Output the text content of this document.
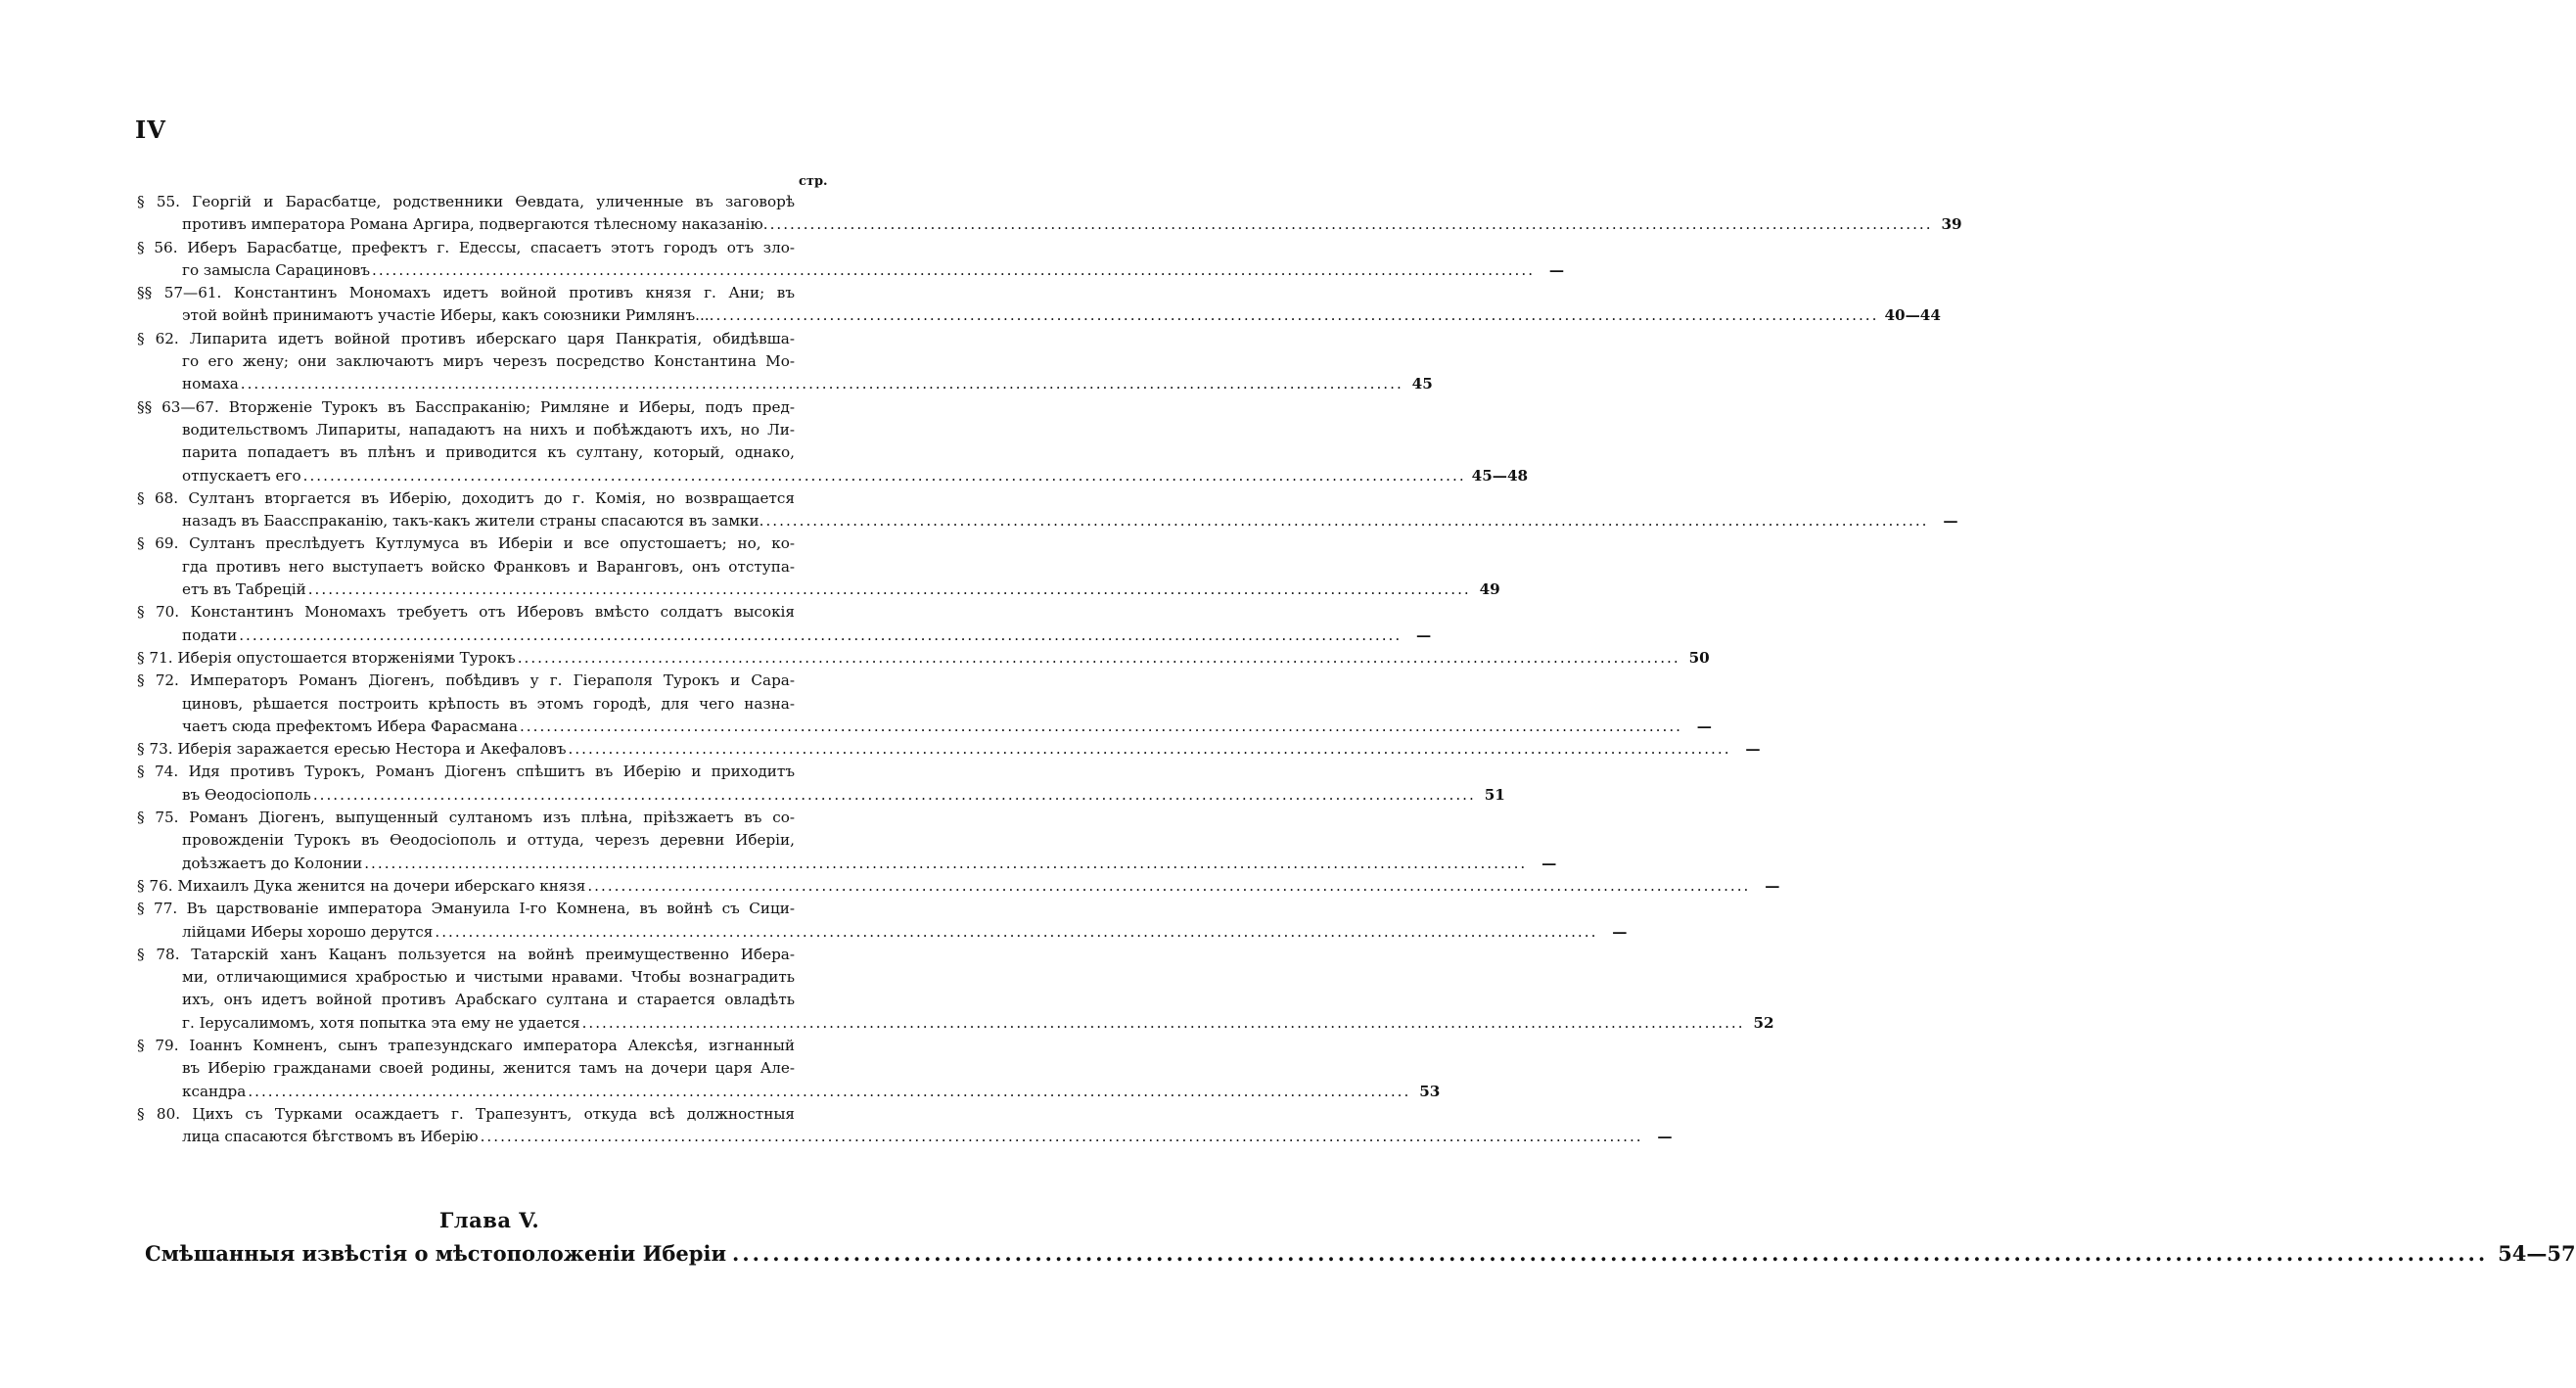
IV
стр.
§ 55. Георгій и Барасбатце, родственники Ѳевдата, уличенные въ заговорѣ
противъ императора Романа Аргира, подвергаются тѣлесному наказанію. .....	39
§ 56. Иберъ Барасбатце, префектъ г. Едессы, спасаетъ этотъ городъ отъ зло-
го замысла Сарациновъ .....	—
§§ 57—61. Константинъ Мономахъ идетъ войной противъ князя г. Ани; въ
этой войнѣ принимаютъ участіе Иберы, какъ союзники Римлянъ.... .....	40—44
§ 62. Липарита идетъ войной противъ иберскаго царя Панкратія, обидѣвша-
го его жену; они заключаютъ миръ черезъ посредство Константина Мо-
номаха .....	45
§§ 63—67. Вторженіе Турокъ въ Басспраканію; Римляне и Иберы, подъ пред-
водительствомъ Липариты, нападаютъ на нихъ и побѣждаютъ ихъ, но Ли-
парита попадаетъ въ плѣнъ и приводится къ султану, который, однако,
отпускаетъ его .....	45—48
§ 68. Султанъ вторгается въ Иберію, доходитъ до г. Комія, но возвращается
назадъ въ Баасспраканію, такъ-какъ жители страны спасаются въ замки. .....	—
§ 69. Султанъ преслѣдуетъ Кутлумуса въ Иберіи и все опустошаетъ; но, ко-
гда противъ него выступаетъ войско Франковъ и Варанговъ, онъ отступа-
етъ въ Табрецій .....	49
§ 70. Константинъ Мономахъ требуетъ отъ Иберовъ вмѣсто солдатъ высокія
подати .....	—
§ 71. Иберія опустошается вторженіями Турокъ .....	50
§ 72. Императоръ Романъ Діогенъ, побѣдивъ у г. Гіераполя Турокъ и Сара-
циновъ, рѣшается построить крѣпость въ этомъ городѣ, для чего назна-
чаетъ сюда префектомъ Ибера Фарасмана .....	—
§ 73. Иберія заражается ересью Нестора и Акефаловъ .....	—
§ 74. Идя противъ Турокъ, Романъ Діогенъ спѣшитъ въ Иберію и приходитъ
въ Ѳеодосіополь .....	51
§ 75. Романъ Діогенъ, выпущенный султаномъ изъ плѣна, пріѣзжаетъ въ со-
провожденіи Турокъ въ Ѳеодосіополь и оттуда, черезъ деревни Иберіи,
доѣзжаетъ до Колонии .....	—
§ 76. Михаилъ Дука женится на дочери иберскаго князя .....	—
§ 77. Въ царствованіе императора Эмануила I-го Комнена, въ войнѣ съ Сици-
лійцами Иберы хорошо дерутся .....	—
§ 78. Татарскій ханъ Кацанъ пользуется на войнѣ преимущественно Ибера-
ми, отличающимися храбростью и чистыми нравами. Чтобы вознаградить
ихъ, онъ идетъ войной противъ Арабскаго султана и старается овладѣть
г. Іерусалимомъ, хотя попытка эта ему не удается .....	52
§ 79. Іоаннъ Комненъ, сынъ трапезундскаго императора Алексѣя, изгнанный
въ Иберію гражданами своей родины, женится тамъ на дочери царя Але-
ксандра .....	53
§ 80. Цихъ съ Турками осаждаетъ г. Трапезунтъ, откуда всѣ должностныя
лица спасаются бѣгствомъ въ Иберію .....	—
Глава V.
Смѣшанныя извѣстія о мѣстоположеніи Иберіи .....	54—57
